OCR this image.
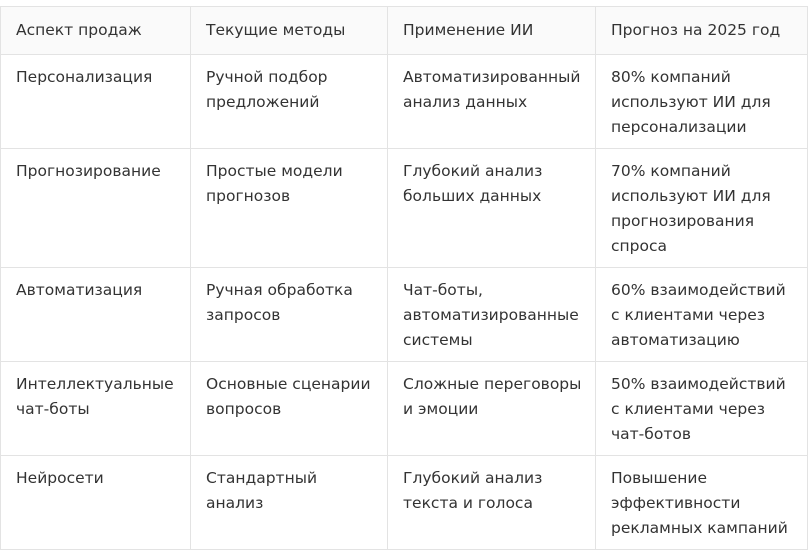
Аспект продаж	Текущие методы	Применение ИИ	Прогноз на 2025 год
Персонализация	Ручной подбор предложений	Автоматизированный анализ данных	80% компаний используют ИИ для персонализации
Прогнозирование	Простые модели прогнозов	Глубокий анализ больших данных	70% компаний используют ИИ для прогнозирования спроса
Автоматизация	Ручная обработка запросов	Чат-боты, автоматизированные системы	60% взаимодействий с клиентами через автоматизацию
Интеллектуальные чат-боты	Основные сценарии вопросов	Сложные переговоры и эмоции	50% взаимодействий с клиентами через чат-ботов
Нейросети	Стандартный анализ	Глубокий анализ текста и голоса	Повышение эффективности рекламных кампаний
